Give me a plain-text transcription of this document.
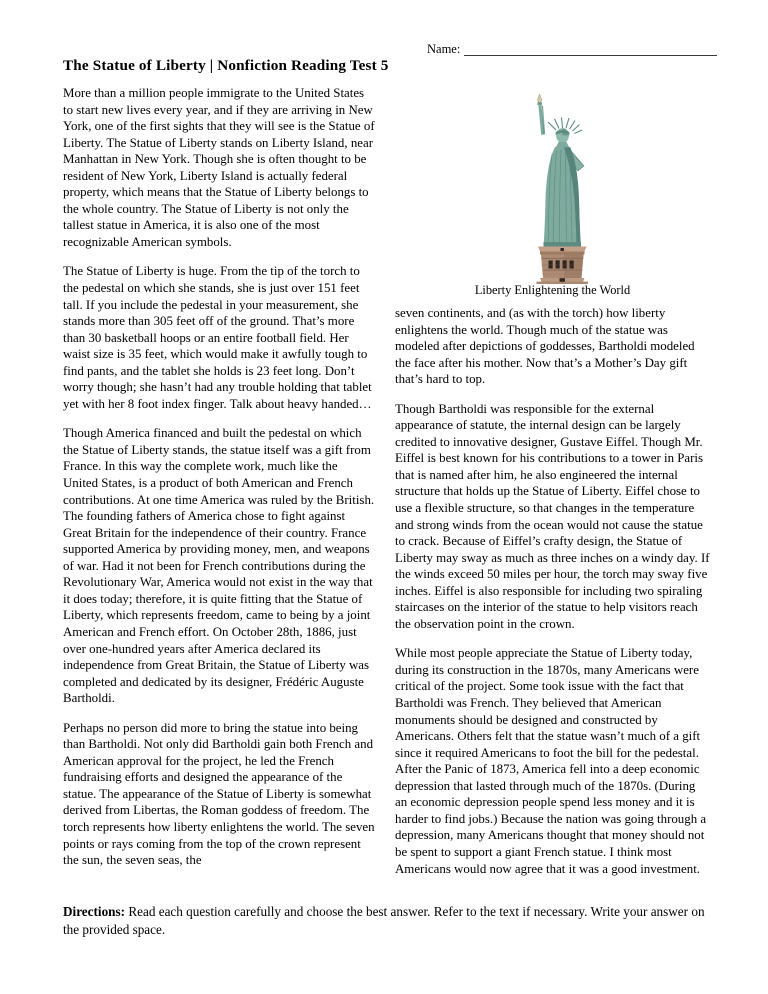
Name:
The Statue of Liberty | Nonfiction Reading Test 5
Liberty Enlightening the World

More than a million people immigrate to the United States to start new lives every year, and if they are arriving in New York, one of the first sights that they will see is the Statue of Liberty. The Statue of Liberty stands on Liberty Island, near Manhattan in New York. Though she is often thought to be resident of New York, Liberty Island is actually federal property, which means that the Statue of Liberty belongs to the whole country. The Statue of Liberty is not only the tallest statue in America, it is also one of the most recognizable American symbols.

The Statue of Liberty is huge. From the tip of the torch to the pedestal on which she stands, she is just over 151 feet tall. If you include the pedestal in your measurement, she stands more than 305 feet off of the ground. That’s more than 30 basketball hoops or an entire football field. Her waist size is 35 feet, which would make it awfully tough to find pants, and the tablet she holds is 23 feet long. Don’t worry though; she hasn’t had any trouble holding that tablet yet with her 8 foot index finger. Talk about heavy handed…

Though America financed and built the pedestal on which the Statue of Liberty stands, the statue itself was a gift from France. In this way the complete work, much like the United States, is a product of both American and French contributions. At one time America was ruled by the British. The founding fathers of America chose to fight against Great Britain for the independence of their country. France supported America by providing money, men, and weapons of war. Had it not been for French contributions during the Revolutionary War, America would not exist in the way that it does today; therefore, it is quite fitting that the Statue of Liberty, which represents freedom, came to being by a joint American and French effort. On October 28th, 1886, just over one-hundred years after America declared its independence from Great Britain, the Statue of Liberty was completed and dedicated by its designer, Frédéric Auguste Bartholdi.

Perhaps no person did more to bring the statue into being than Bartholdi. Not only did Bartholdi gain both French and American approval for the project, he led the French fundraising efforts and designed the appearance of the statue. The appearance of the Statue of Liberty is somewhat derived from Libertas, the Roman goddess of freedom. The torch represents how liberty enlightens the world. The seven points or rays coming from the top of the crown represent the sun, the seven seas, the

seven continents, and (as with the torch) how liberty enlightens the world. Though much of the statue was modeled after depictions of goddesses, Bartholdi modeled the face after his mother. Now that’s a Mother’s Day gift that’s hard to top.

Though Bartholdi was responsible for the external appearance of statute, the internal design can be largely credited to innovative designer, Gustave Eiffel. Though Mr. Eiffel is best known for his contributions to a tower in Paris that is named after him, he also engineered the internal structure that holds up the Statue of Liberty. Eiffel chose to use a flexible structure, so that changes in the temperature and strong winds from the ocean would not cause the statue to crack. Because of Eiffel’s crafty design, the Statue of Liberty may sway as much as three inches on a windy day. If the winds exceed 50 miles per hour, the torch may sway five inches. Eiffel is also responsible for including two spiraling staircases on the interior of the statue to help visitors reach the observation point in the crown.

While most people appreciate the Statue of Liberty today, during its construction in the 1870s, many Americans were critical of the project. Some took issue with the fact that Bartholdi was French. They believed that American monuments should be designed and constructed by Americans. Others felt that the statue wasn’t much of a gift since it required Americans to foot the bill for the pedestal. After the Panic of 1873, America fell into a deep economic depression that lasted through much of the 1870s. (During an economic depression people spend less money and it is harder to find jobs.) Because the nation was going through a depression, many Americans thought that money should not be spent to support a giant French statue. I think most Americans would now agree that it was a good investment.

Directions: Read each question carefully and choose the best answer. Refer to the text if necessary. Write your answer on the provided space.
